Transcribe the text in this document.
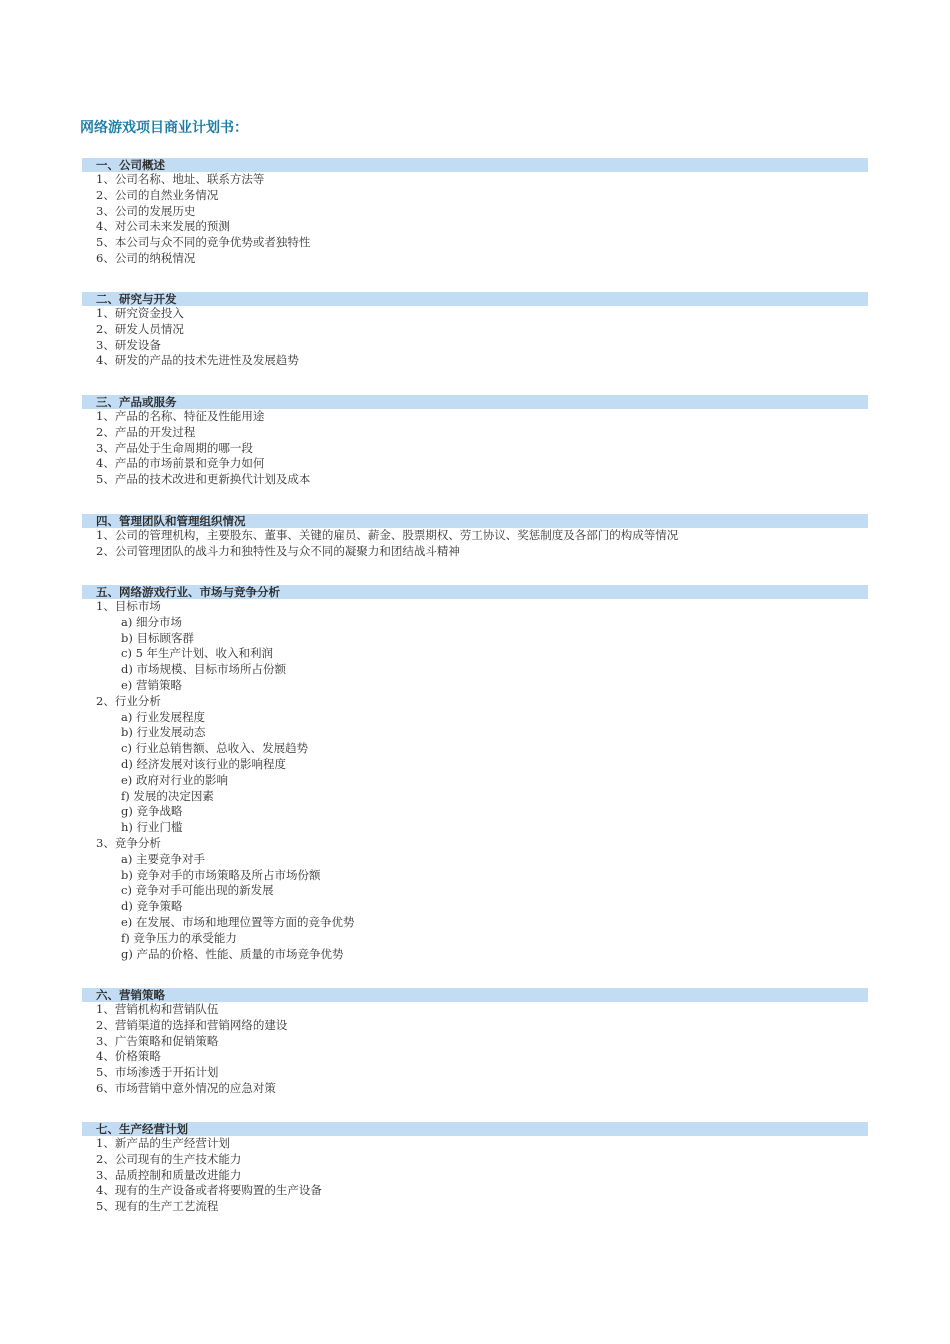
网络游戏项目商业计划书：
一、公司概述
1、公司名称、地址、联系方法等
2、公司的自然业务情况
3、公司的发展历史
4、对公司未来发展的预测
5、本公司与众不同的竞争优势或者独特性
6、公司的纳税情况
二、研究与开发
1、研究资金投入
2、研发人员情况
3、研发设备
4、研发的产品的技术先进性及发展趋势
三、产品或服务
1、产品的名称、特征及性能用途
2、产品的开发过程
3、产品处于生命周期的哪一段
4、产品的市场前景和竞争力如何
5、产品的技术改进和更新换代计划及成本
四、管理团队和管理组织情况
1、公司的管理机构，主要股东、董事、关键的雇员、薪金、股票期权、劳工协议、奖惩制度及各部门的构成等情况
2、公司管理团队的战斗力和独特性及与众不同的凝聚力和团结战斗精神
五、网络游戏行业、市场与竞争分析
1、目标市场
a) 细分市场
b) 目标顾客群
c) 5 年生产计划、收入和利润
d) 市场规模、目标市场所占份额
e) 营销策略
2、行业分析
a) 行业发展程度
b) 行业发展动态
c) 行业总销售额、总收入、发展趋势
d) 经济发展对该行业的影响程度
e) 政府对行业的影响
f) 发展的决定因素
g) 竞争战略
h) 行业门槛
3、竞争分析
a) 主要竞争对手
b) 竞争对手的市场策略及所占市场份额
c) 竞争对手可能出现的新发展
d) 竞争策略
e) 在发展、市场和地理位置等方面的竞争优势
f) 竞争压力的承受能力
g) 产品的价格、性能、质量的市场竞争优势
六、营销策略
1、营销机构和营销队伍
2、营销渠道的选择和营销网络的建设
3、广告策略和促销策略
4、价格策略
5、市场渗透于开拓计划
6、市场营销中意外情况的应急对策
七、生产经营计划
1、新产品的生产经营计划
2、公司现有的生产技术能力
3、品质控制和质量改进能力
4、现有的生产设备或者将要购置的生产设备
5、现有的生产工艺流程
